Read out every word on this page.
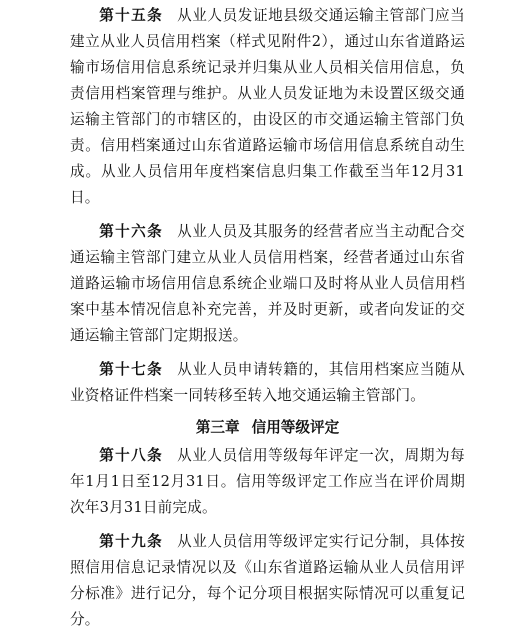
第十五条 从业人员发证地县级交通运输主管部门应当建立从业人员信用档案（样式见附件2），通过山东省道路运输市场信用信息系统记录并归集从业人员相关信用信息，负责信用档案管理与维护。从业人员发证地为未设置区级交通运输主管部门的市辖区的，由设区的市交通运输主管部门负责。信用档案通过山东省道路运输市场信用信息系统自动生成。从业人员信用年度档案信息归集工作截至当年12月31日。

第十六条 从业人员及其服务的经营者应当主动配合交通运输主管部门建立从业人员信用档案，经营者通过山东省道路运输市场信用信息系统企业端口及时将从业人员信用档案中基本情况信息补充完善，并及时更新，或者向发证的交通运输主管部门定期报送。

第十七条 从业人员申请转籍的，其信用档案应当随从业资格证件档案一同转移至转入地交通运输主管部门。

第三章 信用等级评定

第十八条 从业人员信用等级每年评定一次，周期为每年1月1日至12月31日。信用等级评定工作应当在评价周期次年3月31日前完成。

第十九条 从业人员信用等级评定实行记分制，具体按照信用信息记录情况以及《山东省道路运输从业人员信用评分标准》进行记分，每个记分项目根据实际情况可以重复记分。
